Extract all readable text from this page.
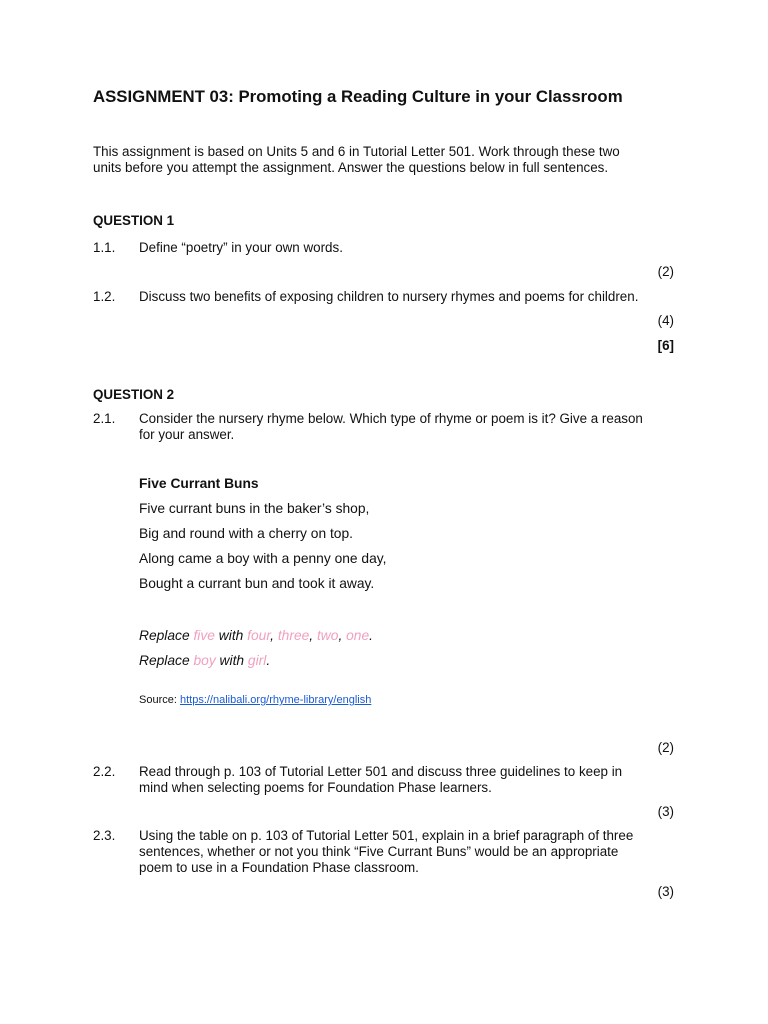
ASSIGNMENT 03: Promoting a Reading Culture in your Classroom
This assignment is based on Units 5 and 6 in Tutorial Letter 501. Work through these two
units before you attempt the assignment. Answer the questions below in full sentences.
QUESTION 1
1.1. Define “poetry” in your own words.
(2)
1.2. Discuss two benefits of exposing children to nursery rhymes and poems for children.
(4)
[6]
QUESTION 2
2.1. Consider the nursery rhyme below. Which type of rhyme or poem is it? Give a reason
for your answer.
Five Currant Buns
Five currant buns in the baker’s shop,
Big and round with a cherry on top.
Along came a boy with a penny one day,
Bought a currant bun and took it away.
Replace five with four, three, two, one.
Replace boy with girl.
Source: https://nalibali.org/rhyme-library/english
(2)
2.2. Read through p. 103 of Tutorial Letter 501 and discuss three guidelines to keep in
mind when selecting poems for Foundation Phase learners.
(3)
2.3. Using the table on p. 103 of Tutorial Letter 501, explain in a brief paragraph of three
sentences, whether or not you think “Five Currant Buns” would be an appropriate
poem to use in a Foundation Phase classroom.
(3)
